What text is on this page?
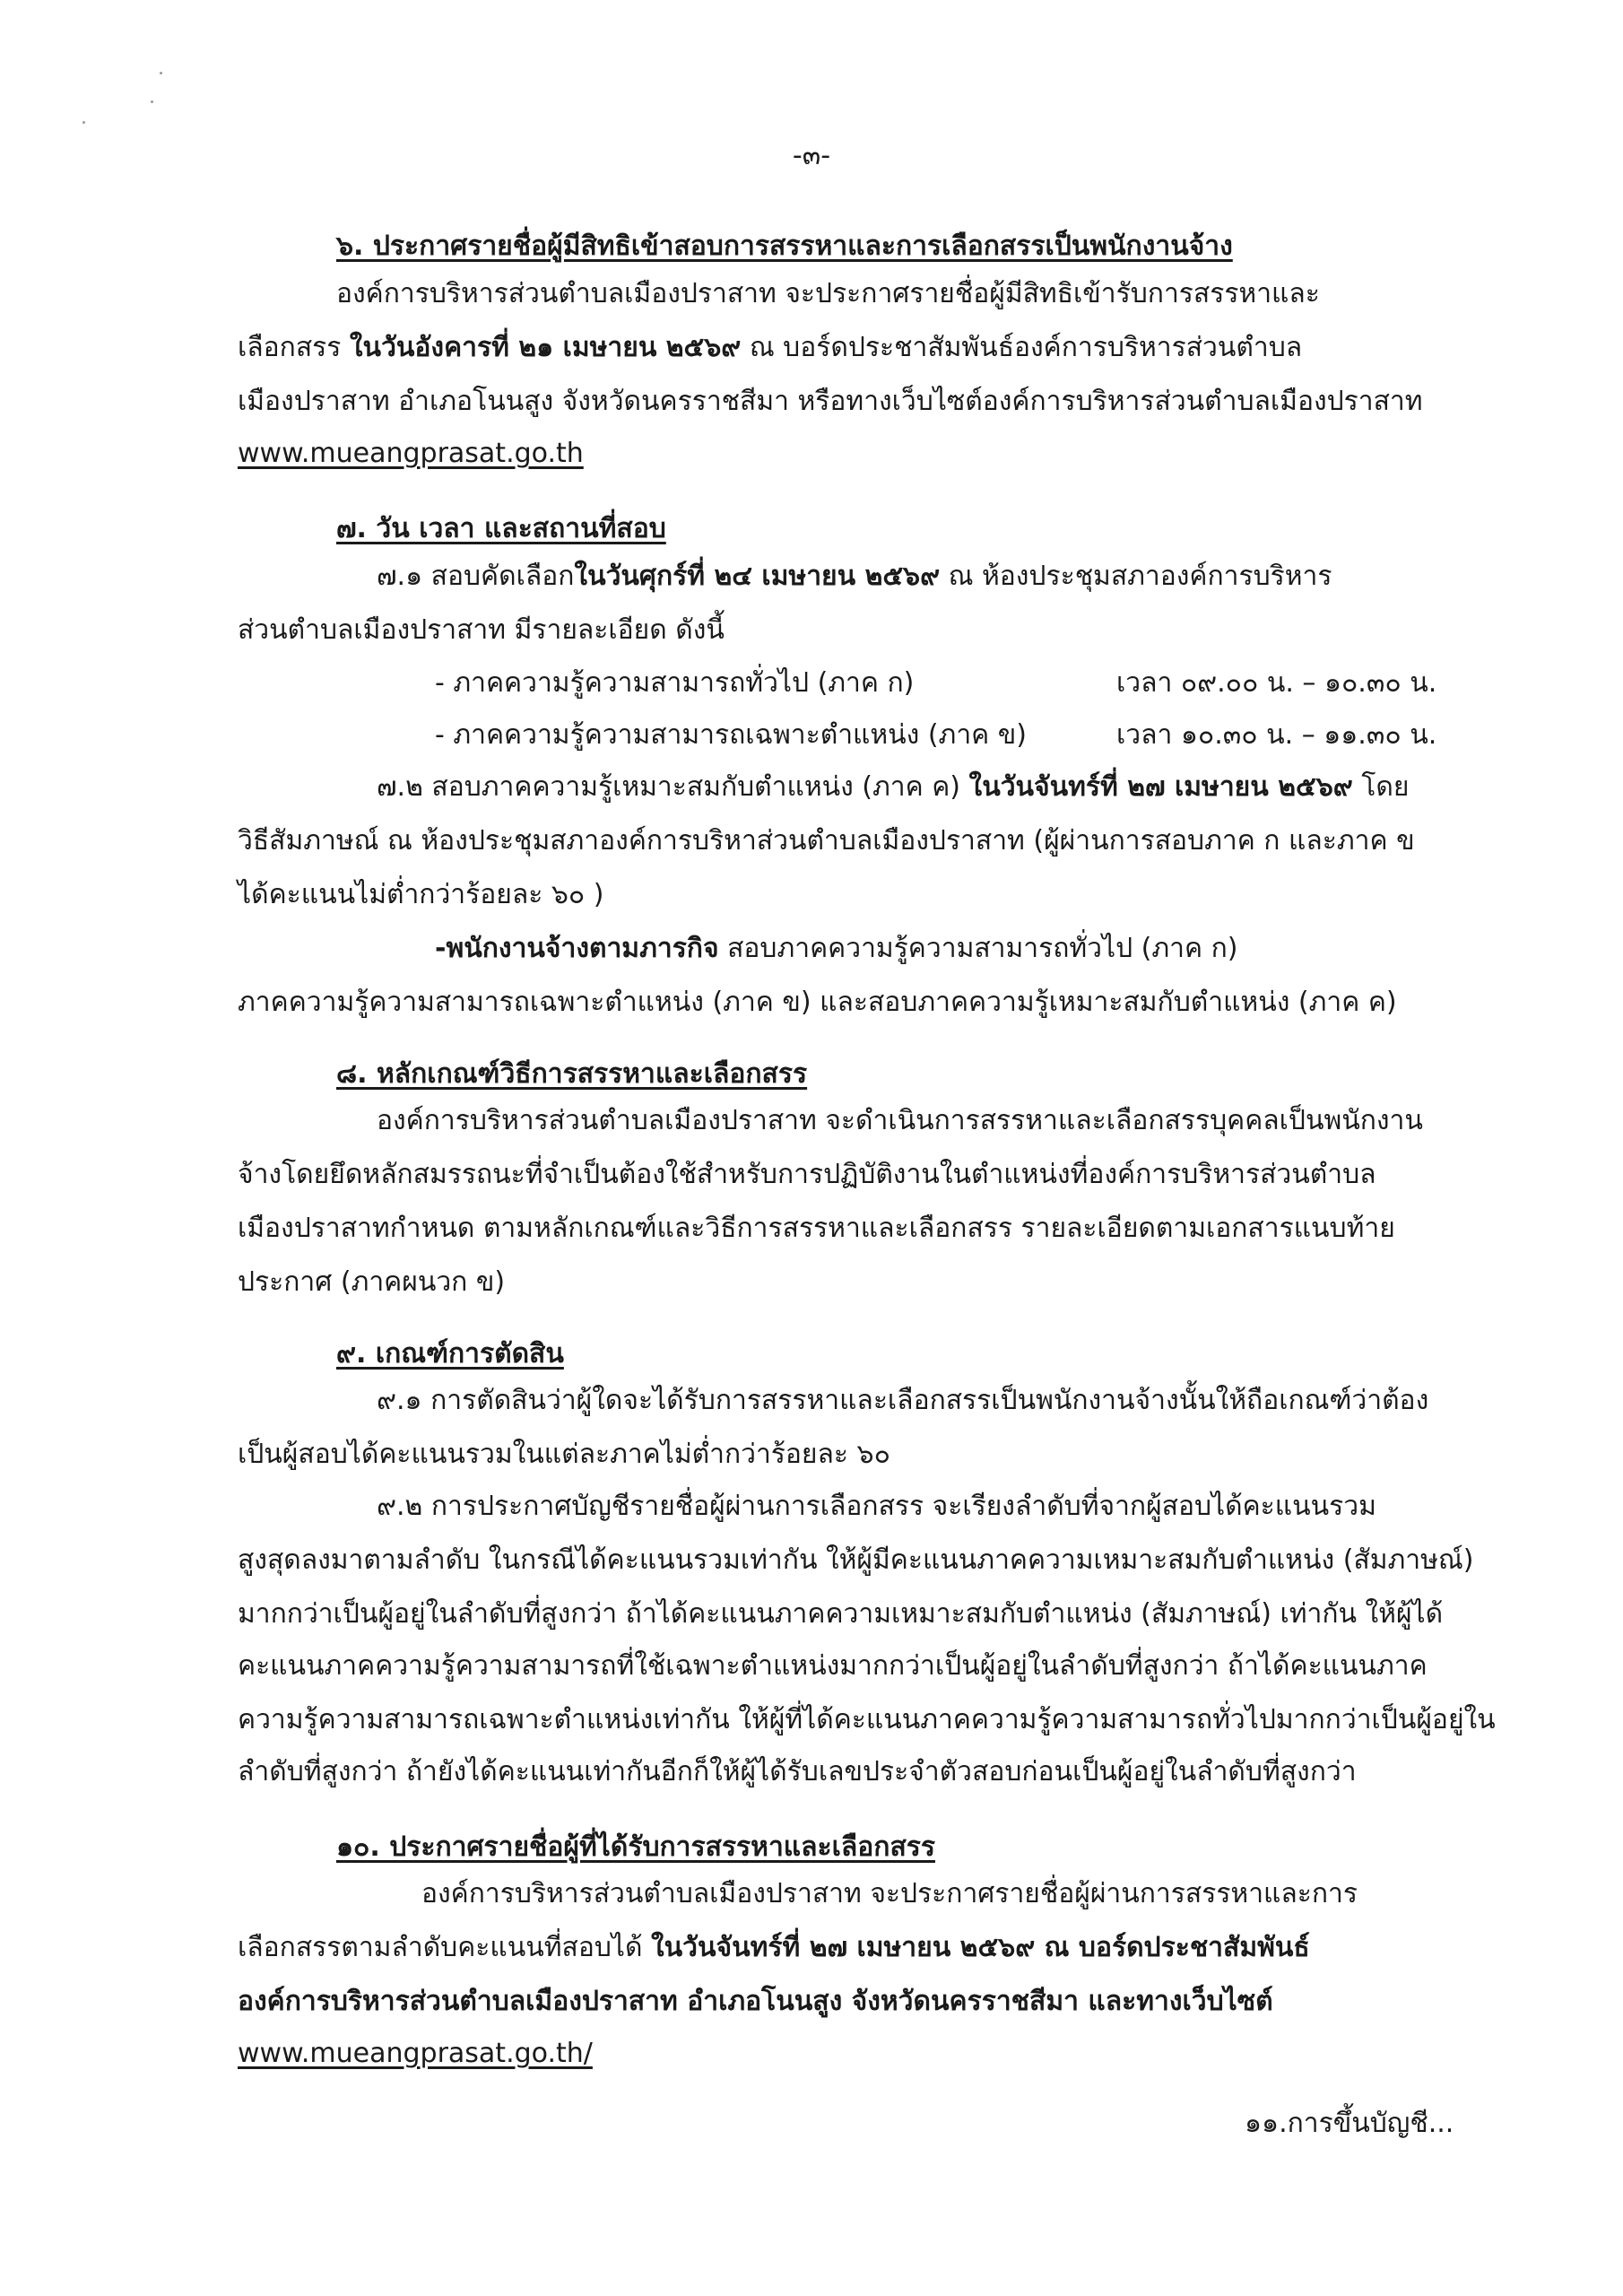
-๓-
๖. ประกาศรายชื่อผู้มีสิทธิเข้าสอบการสรรหาและการเลือกสรรเป็นพนักงานจ้าง
องค์การบริหารส่วนตำบลเมืองปราสาท จะประกาศรายชื่อผู้มีสิทธิเข้ารับการสรรหาและ
เลือกสรร ในวันอังคารที่ ๒๑ เมษายน ๒๕๖๙ ณ บอร์ดประชาสัมพันธ์องค์การบริหารส่วนตำบล
เมืองปราสาท อำเภอโนนสูง จังหวัดนครราชสีมา หรือทางเว็บไซต์องค์การบริหารส่วนตำบลเมืองปราสาท
www.mueangprasat.go.th
๗. วัน เวลา และสถานที่สอบ
๗.๑ สอบคัดเลือกในวันศุกร์ที่ ๒๔ เมษายน ๒๕๖๙ ณ ห้องประชุมสภาองค์การบริหาร
ส่วนตำบลเมืองปราสาท มีรายละเอียด ดังนี้
- ภาคความรู้ความสามารถทั่วไป (ภาค ก)	เวลา ๐๙.๐๐ น. – ๑๐.๓๐ น.
- ภาคความรู้ความสามารถเฉพาะตำแหน่ง (ภาค ข)	เวลา ๑๐.๓๐ น. – ๑๑.๓๐ น.
๗.๒ สอบภาคความรู้เหมาะสมกับตำแหน่ง (ภาค ค) ในวันจันทร์ที่ ๒๗ เมษายน ๒๕๖๙ โดย
วิธีสัมภาษณ์ ณ ห้องประชุมสภาองค์การบริหาส่วนตำบลเมืองปราสาท (ผู้ผ่านการสอบภาค ก และภาค ข
ได้คะแนนไม่ต่ำกว่าร้อยละ ๖๐ )
-พนักงานจ้างตามภารกิจ สอบภาคความรู้ความสามารถทั่วไป (ภาค ก)
ภาคความรู้ความสามารถเฉพาะตำแหน่ง (ภาค ข) และสอบภาคความรู้เหมาะสมกับตำแหน่ง (ภาค ค)
๘. หลักเกณฑ์วิธีการสรรหาและเลือกสรร
องค์การบริหารส่วนตำบลเมืองปราสาท จะดำเนินการสรรหาและเลือกสรรบุคคลเป็นพนักงาน
จ้างโดยยึดหลักสมรรถนะที่จำเป็นต้องใช้สำหรับการปฏิบัติงานในตำแหน่งที่องค์การบริหารส่วนตำบล
เมืองปราสาทกำหนด ตามหลักเกณฑ์และวิธีการสรรหาและเลือกสรร รายละเอียดตามเอกสารแนบท้าย
ประกาศ (ภาคผนวก ข)
๙. เกณฑ์การตัดสิน
๙.๑ การตัดสินว่าผู้ใดจะได้รับการสรรหาและเลือกสรรเป็นพนักงานจ้างนั้นให้ถือเกณฑ์ว่าต้อง
เป็นผู้สอบได้คะแนนรวมในแต่ละภาคไม่ต่ำกว่าร้อยละ ๖๐
๙.๒ การประกาศบัญชีรายชื่อผู้ผ่านการเลือกสรร จะเรียงลำดับที่จากผู้สอบได้คะแนนรวม
สูงสุดลงมาตามลำดับ ในกรณีได้คะแนนรวมเท่ากัน ให้ผู้มีคะแนนภาคความเหมาะสมกับตำแหน่ง (สัมภาษณ์)
มากกว่าเป็นผู้อยู่ในลำดับที่สูงกว่า ถ้าได้คะแนนภาคความเหมาะสมกับตำแหน่ง (สัมภาษณ์) เท่ากัน ให้ผู้ได้
คะแนนภาคความรู้ความสามารถที่ใช้เฉพาะตำแหน่งมากกว่าเป็นผู้อยู่ในลำดับที่สูงกว่า ถ้าได้คะแนนภาค
ความรู้ความสามารถเฉพาะตำแหน่งเท่ากัน ให้ผู้ที่ได้คะแนนภาคความรู้ความสามารถทั่วไปมากกว่าเป็นผู้อยู่ใน
ลำดับที่สูงกว่า ถ้ายังได้คะแนนเท่ากันอีกก็ให้ผู้ได้รับเลขประจำตัวสอบก่อนเป็นผู้อยู่ในลำดับที่สูงกว่า
๑๐. ประกาศรายชื่อผู้ที่ได้รับการสรรหาและเลือกสรร
องค์การบริหารส่วนตำบลเมืองปราสาท จะประกาศรายชื่อผู้ผ่านการสรรหาและการ
เลือกสรรตามลำดับคะแนนที่สอบได้ ในวันจันทร์ที่ ๒๗ เมษายน ๒๕๖๙ ณ บอร์ดประชาสัมพันธ์
องค์การบริหารส่วนตำบลเมืองปราสาท อำเภอโนนสูง จังหวัดนครราชสีมา และทางเว็บไซต์
www.mueangprasat.go.th/
๑๑.การขึ้นบัญชี...
